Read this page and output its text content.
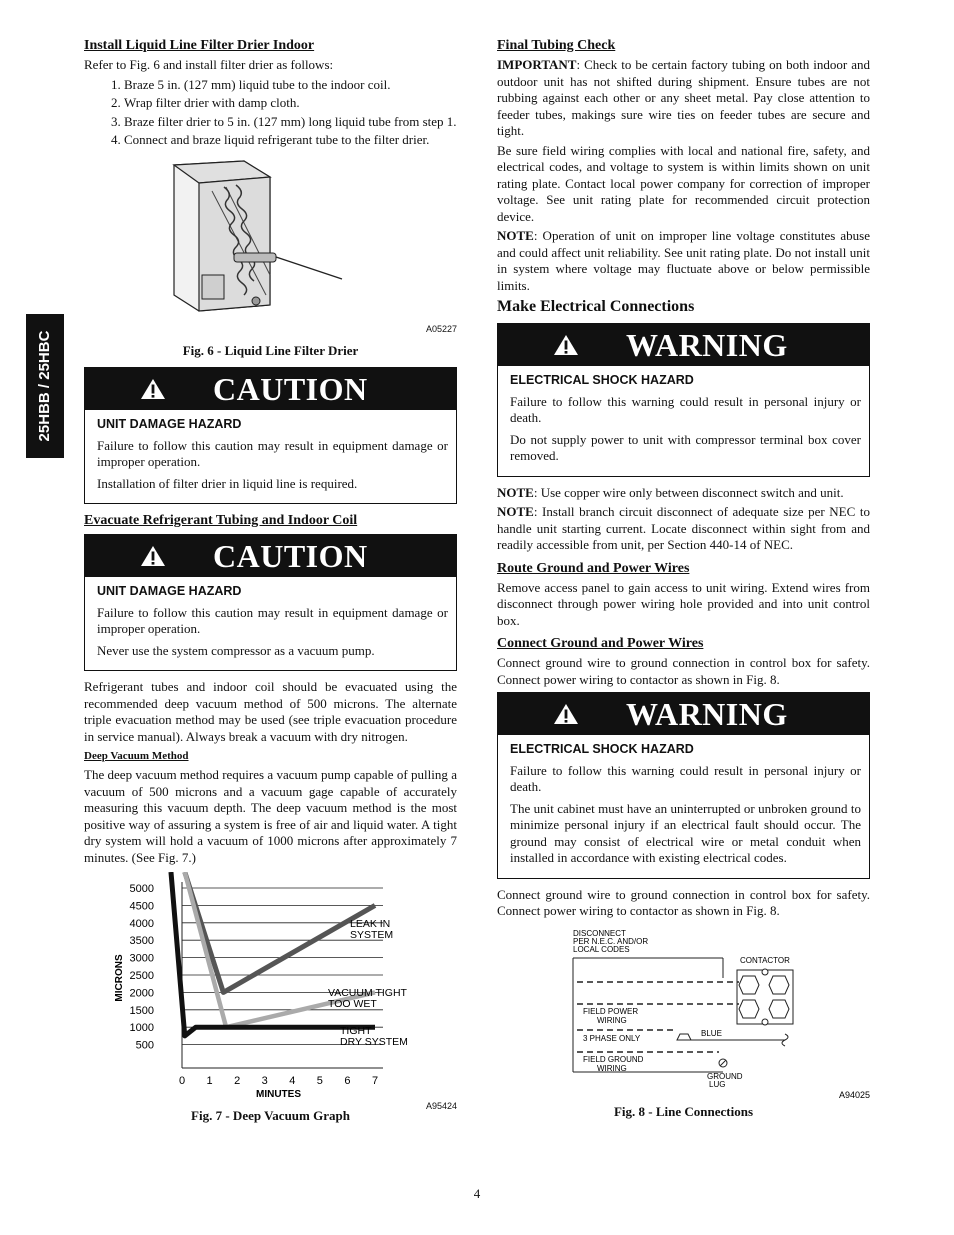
25HBB / 25HBC
Install Liquid Line Filter Drier Indoor

Refer to Fig. 6 and install filter drier as follows:

1. Braze 5 in. (127 mm) liquid tube to the indoor coil.
2. Wrap filter drier with damp cloth.
3. Braze filter drier to 5 in. (127 mm) long liquid tube from step 1.
4. Connect and braze liquid refrigerant tube to the filter drier.
A05227
Fig. 6 - Liquid Line Filter Drier
CAUTION
UNIT DAMAGE HAZARD

Failure to follow this caution may result in equipment damage or improper operation.

Installation of filter drier in liquid line is required.

Evacuate Refrigerant Tubing and Indoor Coil
CAUTION
UNIT DAMAGE HAZARD

Failure to follow this caution may result in equipment damage or improper operation.

Never use the system compressor as a vacuum pump.

Refrigerant tubes and indoor coil should be evacuated using the recommended deep vacuum method of 500 microns. The alternate triple evacuation method may be used (see triple evacuation procedure in service manual). Always break a vacuum with dry nitrogen.

Deep Vacuum Method

The deep vacuum method requires a vacuum pump capable of pulling a vacuum of 500 microns and a vacuum gage capable of accurately measuring this vacuum depth. The deep vacuum method is the most positive way of assuring a system is free of air and liquid water. A tight dry system will hold a vacuum of 1000 microns after approximately 7 minutes. (See Fig. 7.)

5000
4500
4000
3500
3000
2500
2000
1500
1000
500
0 1 2 3 4 5 6 7
MINUTES
MICRONS
LEAK IN
SYSTEM
VACUUM TIGHT
TOO WET
TIGHT
DRY SYSTEM
A95424
Fig. 7 - Deep Vacuum Graph
Final Tubing Check

IMPORTANT: Check to be certain factory tubing on both indoor and outdoor unit has not shifted during shipment. Ensure tubes are not rubbing against each other or any sheet metal. Pay close attention to feeder tubes, makings sure wire ties on feeder tubes are secure and tight.

Be sure field wiring complies with local and national fire, safety, and electrical codes, and voltage to system is within limits shown on unit rating plate. Contact local power company for correction of improper voltage. See unit rating plate for recommended circuit protection device.

NOTE: Operation of unit on improper line voltage constitutes abuse and could affect unit reliability. See unit rating plate. Do not install unit in system where voltage may fluctuate above or below permissible limits.

Make Electrical Connections
WARNING
ELECTRICAL SHOCK HAZARD

Failure to follow this warning could result in personal injury or death.

Do not supply power to unit with compressor terminal box cover removed.

NOTE: Use copper wire only between disconnect switch and unit.

NOTE: Install branch circuit disconnect of adequate size per NEC to handle unit starting current. Locate disconnect within sight from and readily accessible from unit, per Section 440-14 of NEC.

Route Ground and Power Wires

Remove access panel to gain access to unit wiring. Extend wires from disconnect through power wiring hole provided and into unit control box.

Connect Ground and Power Wires

Connect ground wire to ground connection in control box for safety. Connect power wiring to contactor as shown in Fig. 8.

WARNING
ELECTRICAL SHOCK HAZARD

Failure to follow this warning could result in personal injury or death.

The unit cabinet must have an uninterrupted or unbroken ground to minimize personal injury if an electrical fault should occur. The ground may consist of electrical wire or metal conduit when installed in accordance with existing electrical codes.

Connect ground wire to ground connection in control box for safety. Connect power wiring to contactor as shown in Fig. 8.

DISCONNECT
PER N.E.C. AND/OR
LOCAL CODES
CONTACTOR
FIELD POWER
WIRING
3 PHASE ONLY
BLUE
FIELD GROUND
WIRING
GROUND
LUG
A94025
Fig. 8 - Line Connections
4
